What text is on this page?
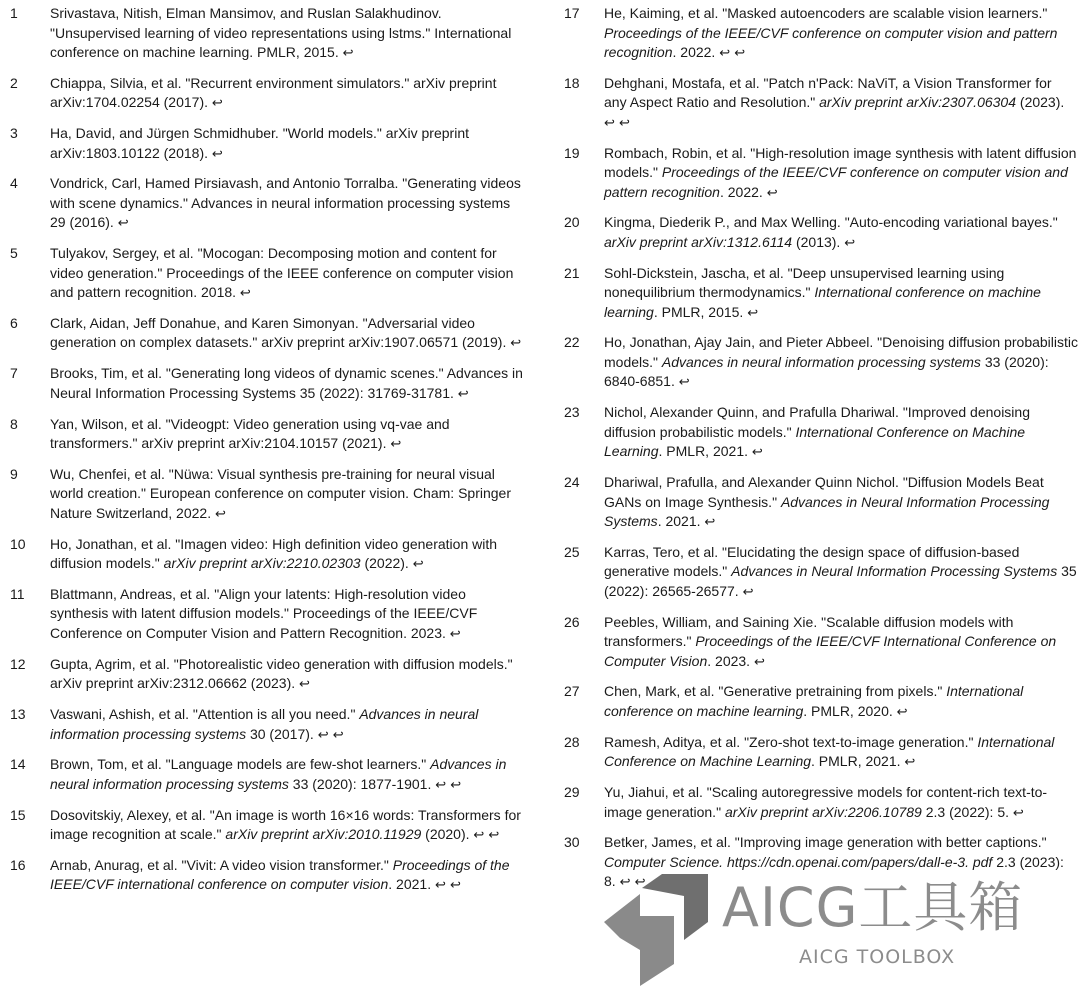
1	Srivastava, Nitish, Elman Mansimov, and Ruslan Salakhudinov. "Unsupervised learning of video representations using lstms." International conference on machine learning. PMLR, 2015. ↩
2	Chiappa, Silvia, et al. "Recurrent environment simulators." arXiv preprint arXiv:1704.02254 (2017). ↩
3	Ha, David, and Jürgen Schmidhuber. "World models." arXiv preprint arXiv:1803.10122 (2018). ↩
4	Vondrick, Carl, Hamed Pirsiavash, and Antonio Torralba. "Generating videos with scene dynamics." Advances in neural information processing systems 29 (2016). ↩
5	Tulyakov, Sergey, et al. "Mocogan: Decomposing motion and content for video generation." Proceedings of the IEEE conference on computer vision and pattern recognition. 2018. ↩
6	Clark, Aidan, Jeff Donahue, and Karen Simonyan. "Adversarial video generation on complex datasets." arXiv preprint arXiv:1907.06571 (2019). ↩
7	Brooks, Tim, et al. "Generating long videos of dynamic scenes." Advances in Neural Information Processing Systems 35 (2022): 31769-31781. ↩
8	Yan, Wilson, et al. "Videogpt: Video generation using vq-vae and transformers." arXiv preprint arXiv:2104.10157 (2021). ↩
9	Wu, Chenfei, et al. "Nüwa: Visual synthesis pre-training for neural visual world creation." European conference on computer vision. Cham: Springer Nature Switzerland, 2022. ↩
10	Ho, Jonathan, et al. "Imagen video: High definition video generation with diffusion models." arXiv preprint arXiv:2210.02303 (2022). ↩
11	Blattmann, Andreas, et al. "Align your latents: High-resolution video synthesis with latent diffusion models." Proceedings of the IEEE/CVF Conference on Computer Vision and Pattern Recognition. 2023. ↩
12	Gupta, Agrim, et al. "Photorealistic video generation with diffusion models." arXiv preprint arXiv:2312.06662 (2023). ↩
13	Vaswani, Ashish, et al. "Attention is all you need." Advances in neural information processing systems 30 (2017). ↩ ↩
14	Brown, Tom, et al. "Language models are few-shot learners." Advances in neural information processing systems 33 (2020): 1877-1901. ↩ ↩
15	Dosovitskiy, Alexey, et al. "An image is worth 16×16 words: Transformers for image recognition at scale." arXiv preprint arXiv:2010.11929 (2020). ↩ ↩
16	Arnab, Anurag, et al. "Vivit: A video vision transformer." Proceedings of the IEEE/CVF international conference on computer vision. 2021. ↩ ↩
17	He, Kaiming, et al. "Masked autoencoders are scalable vision learners." Proceedings of the IEEE/CVF conference on computer vision and pattern recognition. 2022. ↩ ↩
18	Dehghani, Mostafa, et al. "Patch n'Pack: NaViT, a Vision Transformer for any Aspect Ratio and Resolution." arXiv preprint arXiv:2307.06304 (2023). ↩ ↩
19	Rombach, Robin, et al. "High-resolution image synthesis with latent diffusion models." Proceedings of the IEEE/CVF conference on computer vision and pattern recognition. 2022. ↩
20	Kingma, Diederik P., and Max Welling. "Auto-encoding variational bayes." arXiv preprint arXiv:1312.6114 (2013). ↩
21	Sohl-Dickstein, Jascha, et al. "Deep unsupervised learning using nonequilibrium thermodynamics." International conference on machine learning. PMLR, 2015. ↩
22	Ho, Jonathan, Ajay Jain, and Pieter Abbeel. "Denoising diffusion probabilistic models." Advances in neural information processing systems 33 (2020): 6840-6851. ↩
23	Nichol, Alexander Quinn, and Prafulla Dhariwal. "Improved denoising diffusion probabilistic models." International Conference on Machine Learning. PMLR, 2021. ↩
24	Dhariwal, Prafulla, and Alexander Quinn Nichol. "Diffusion Models Beat GANs on Image Synthesis." Advances in Neural Information Processing Systems. 2021. ↩
25	Karras, Tero, et al. "Elucidating the design space of diffusion-based generative models." Advances in Neural Information Processing Systems 35 (2022): 26565-26577. ↩
26	Peebles, William, and Saining Xie. "Scalable diffusion models with transformers." Proceedings of the IEEE/CVF International Conference on Computer Vision. 2023. ↩
27	Chen, Mark, et al. "Generative pretraining from pixels." International conference on machine learning. PMLR, 2020. ↩
28	Ramesh, Aditya, et al. "Zero-shot text-to-image generation." International Conference on Machine Learning. PMLR, 2021. ↩
29	Yu, Jiahui, et al. "Scaling autoregressive models for content-rich text-to-image generation." arXiv preprint arXiv:2206.10789 2.3 (2022): 5. ↩
30	Betker, James, et al. "Improving image generation with better captions." Computer Science. https://cdn.openai.com/papers/dall-e-3. pdf 2.3 (2023): 8. ↩ ↩	AICG工具箱
AICG TOOLBOX
